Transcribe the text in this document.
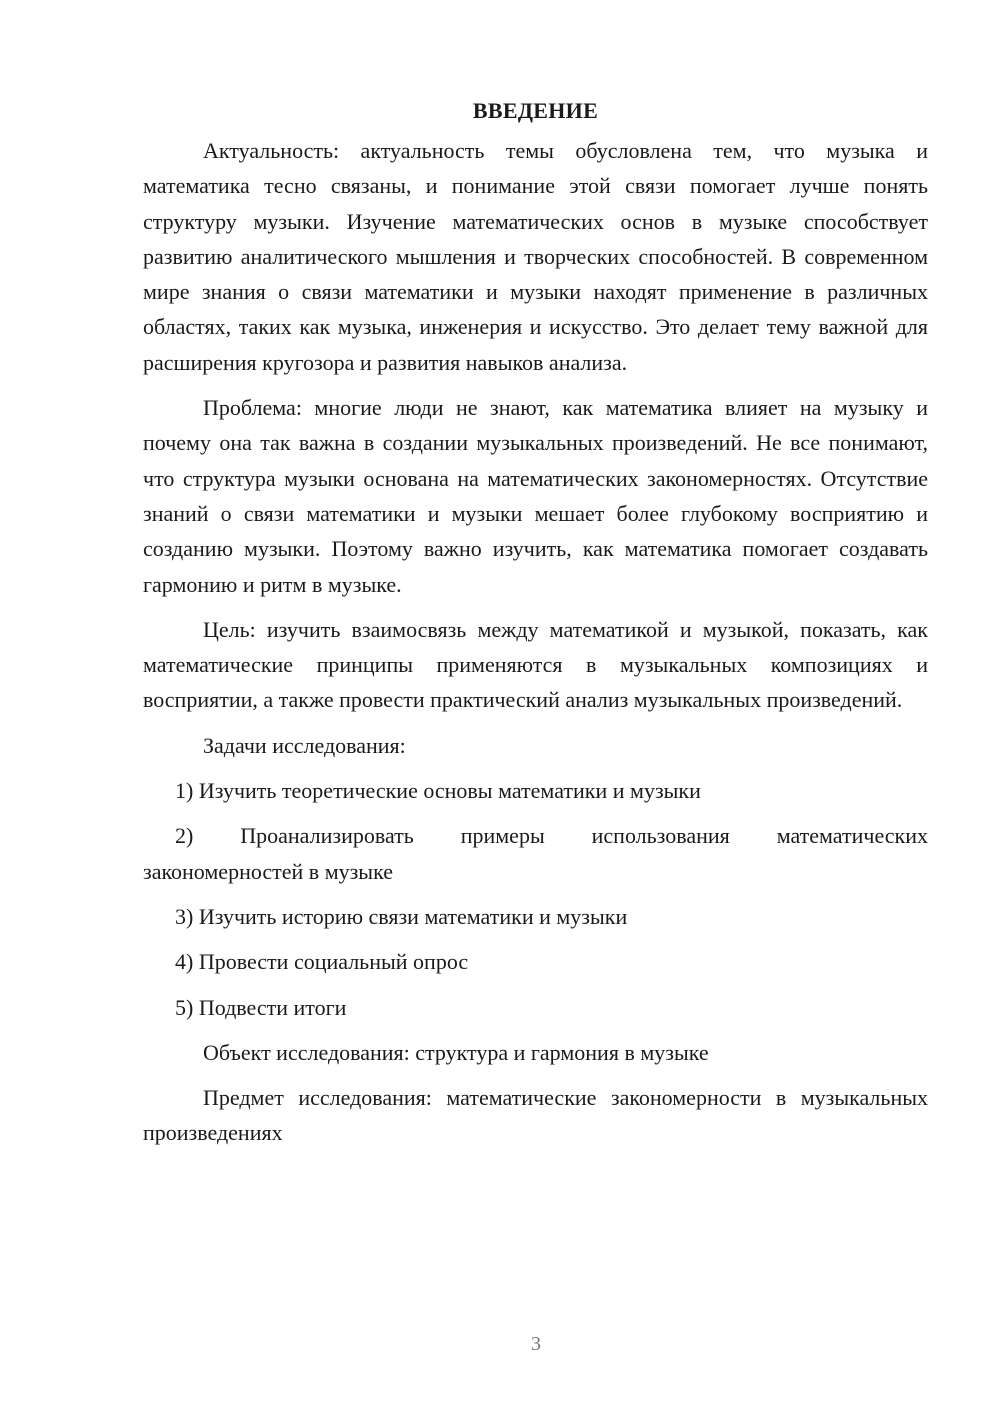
ВВЕДЕНИЕ

Актуальность: актуальность темы обусловлена тем, что музыка и математика тесно связаны, и понимание этой связи помогает лучше понять структуру музыки. Изучение математических основ в музыке способствует развитию аналитического мышления и творческих способностей. В современном мире знания о связи математики и музыки находят применение в различных областях, таких как музыка, инженерия и искусство. Это делает тему важной для расширения кругозора и развития навыков анализа.

Проблема: многие люди не знают, как математика влияет на музыку и почему она так важна в создании музыкальных произведений. Не все понимают, что структура музыки основана на математических закономерностях. Отсутствие знаний о связи математики и музыки мешает более глубокому восприятию и созданию музыки. Поэтому важно изучить, как математика помогает создавать гармонию и ритм в музыке.

Цель: изучить взаимосвязь между математикой и музыкой, показать, как математические принципы применяются в музыкальных композициях и восприятии, а также провести практический анализ музыкальных произведений.

Задачи исследования:

1) Изучить теоретические основы математики и музыки

2) Проанализировать примеры использования математических закономерностей в музыке

3) Изучить историю связи математики и музыки

4) Провести социальный опрос

5) Подвести итоги

Объект исследования: структура и гармония в музыке

Предмет исследования: математические закономерности в музыкальных произведениях

3
